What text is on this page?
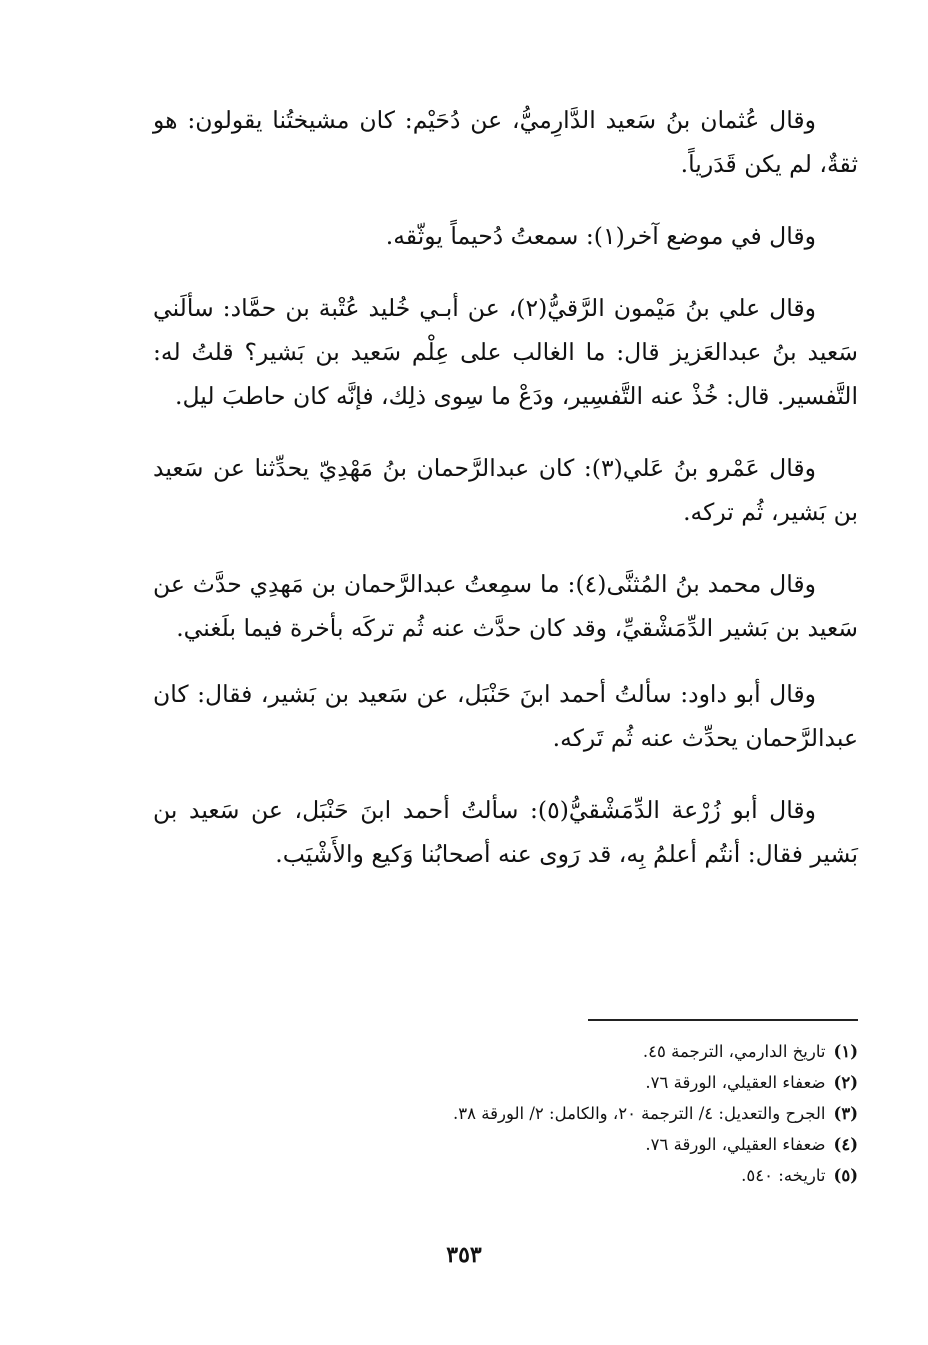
وقال عُثمان بنُ سَعيد الدَّارِميُّ، عن دُحَيْم: كان مشيختُنا يقولون: هو ثقةٌ، لم يكن قَدَرياً.

وقال في موضع آخر(١): سمعتُ دُحيماً يوثّقه.

وقال علي بنُ مَيْمون الرَّقيُّ(٢)، عن أبـي خُليد عُتْبة بن حمَّاد: سألَني سَعيد بنُ عبدالعَزيز قال: ما الغالب على عِلْم سَعيد بن بَشير؟ قلتُ له: التَّفسير. قال: خُذْ عنه التَّفسِير، ودَعْ ما سِوى ذلِك، فإنَّه كان حاطبَ ليل.

وقال عَمْرو بنُ عَلي(٣): كان عبدالرَّحمان بنُ مَهْدِيّ يحدِّثنا عن سَعيد بن بَشير، ثُم تركه.

وقال محمد بنُ المُثنَّى(٤): ما سمِعتُ عبدالرَّحمان بن مَهدِي حدَّث عن سَعيد بن بَشير الدِّمَشْقيِّ، وقد كان حدَّث عنه ثُم تركَه بأخرة فيما بلَغني.

وقال أبو داود: سألتُ أحمد ابنَ حَنْبَل، عن سَعيد بن بَشير، فقال: كان عبدالرَّحمان يحدِّث عنه ثُم تَركه.

وقال أبو زُرْعة الدِّمَشْقيُّ(٥): سألتُ أحمد ابنَ حَنْبَل، عن سَعيد بن بَشير فقال: أنتُم أعلمُ بِه، قد رَوى عنه أصحابُنا وَكيع والأَشْيَب.

(١)تاريخ الدارمي، الترجمة ٤٥.
(٢)ضعفاء العقيلي، الورقة ٧٦.
(٣)الجرح والتعديل: ٤/ الترجمة ٢٠، والكامل: ٢/ الورقة ٣٨.
(٤)ضعفاء العقيلي، الورقة ٧٦.
(٥)تاريخه: ٥٤٠.
٣٥٣
